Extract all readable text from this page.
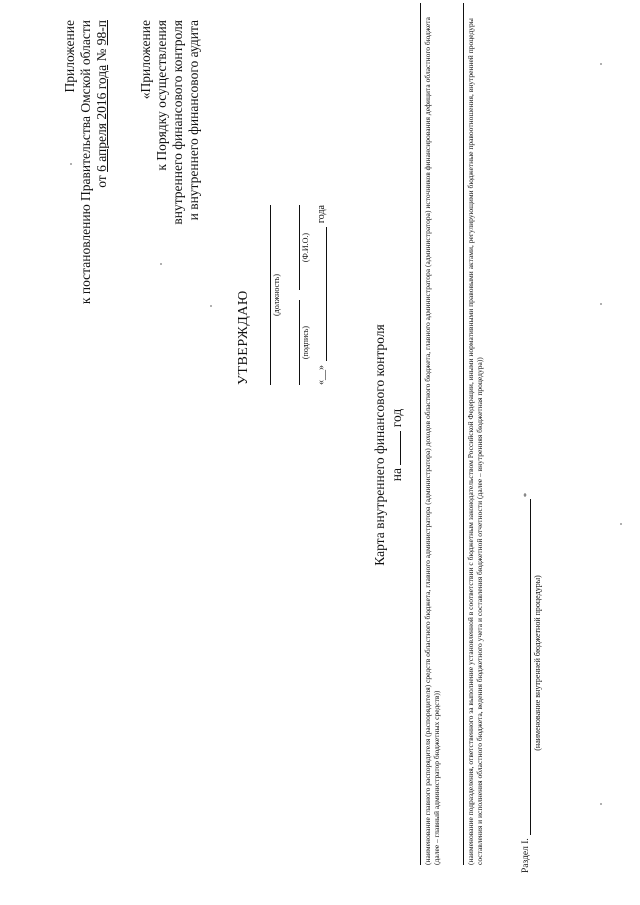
Приложение к постановлению Правительства Омской области от 6 апреля 2016 года № 98-п «Приложение к Порядку осуществления внутреннего финансового контроля и внутреннего финансового аудита
УТВЕРЖДАЮ	(должность)
(подпись)
(Ф.И.О.)
«__»
года
Карта внутреннего финансового контроля на  год	(наименование главного распорядителя (распорядителя) средств областного бюджета, главного администратора (администратора) доходов областного бюджета, главного администратора (администратора) источников финансирования дефицита областного бюджета (далее – главный администратор бюджетных средств))	(наименование подразделения, ответственного за выполнение установленной в соответствии с бюджетным законодательством Российской Федерации, иными нормативными правовыми актами, регулирующими бюджетные правоотношения, внутренней процедуры составления и исполнения областного бюджета, ведения бюджетного учета и составления бюджетной отчетности (далее – внутренняя бюджетная процедура))	Раздел I.
*
(наименование внутренней бюджетной процедуры)
